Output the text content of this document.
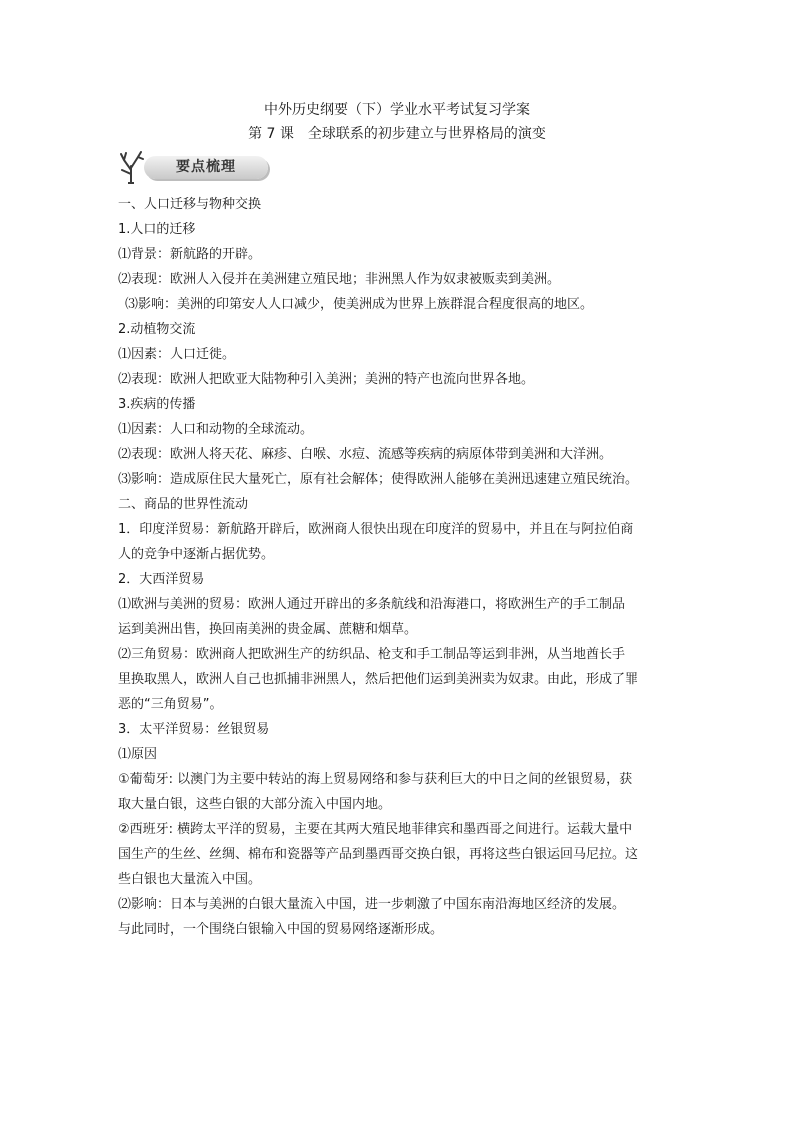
中外历史纲要（下）学业水平考试复习学案
第 7 课　全球联系的初步建立与世界格局的演变
要点梳理

一、人口迁移与物种交换

1.人口的迁移

⑴背景：新航路的开辟。

⑵表现：欧洲人入侵并在美洲建立殖民地；非洲黑人作为奴隶被贩卖到美洲。

⑶影响：美洲的印第安人人口减少，使美洲成为世界上族群混合程度很高的地区。

2.动植物交流

⑴因素：人口迁徙。

⑵表现：欧洲人把欧亚大陆物种引入美洲；美洲的特产也流向世界各地。

3.疾病的传播

⑴因素：人口和动物的全球流动。

⑵表现：欧洲人将天花、麻疹、白喉、水痘、流感等疾病的病原体带到美洲和大洋洲。

⑶影响：造成原住民大量死亡，原有社会解体；使得欧洲人能够在美洲迅速建立殖民统治。

二、商品的世界性流动

1．印度洋贸易：新航路开辟后，欧洲商人很快出现在印度洋的贸易中，并且在与阿拉伯商

人的竞争中逐渐占据优势。

2．大西洋贸易

⑴欧洲与美洲的贸易：欧洲人通过开辟出的多条航线和沿海港口，将欧洲生产的手工制品

运到美洲出售，换回南美洲的贵金属、蔗糖和烟草。

⑵三角贸易：欧洲商人把欧洲生产的纺织品、枪支和手工制品等运到非洲，从当地酋长手

里换取黑人，欧洲人自己也抓捕非洲黑人，然后把他们运到美洲卖为奴隶。由此，形成了罪

恶的“三角贸易”。

3．太平洋贸易：丝银贸易

⑴原因

①葡萄牙: 以澳门为主要中转站的海上贸易网络和参与获利巨大的中日之间的丝银贸易，获

取大量白银，这些白银的大部分流入中国内地。

②西班牙: 横跨太平洋的贸易，主要在其两大殖民地菲律宾和墨西哥之间进行。运载大量中

国生产的生丝、丝绸、棉布和瓷器等产品到墨西哥交换白银，再将这些白银运回马尼拉。这

些白银也大量流入中国。

⑵影响：日本与美洲的白银大量流入中国，进一步刺激了中国东南沿海地区经济的发展。

与此同时，一个围绕白银输入中国的贸易网络逐渐形成。
